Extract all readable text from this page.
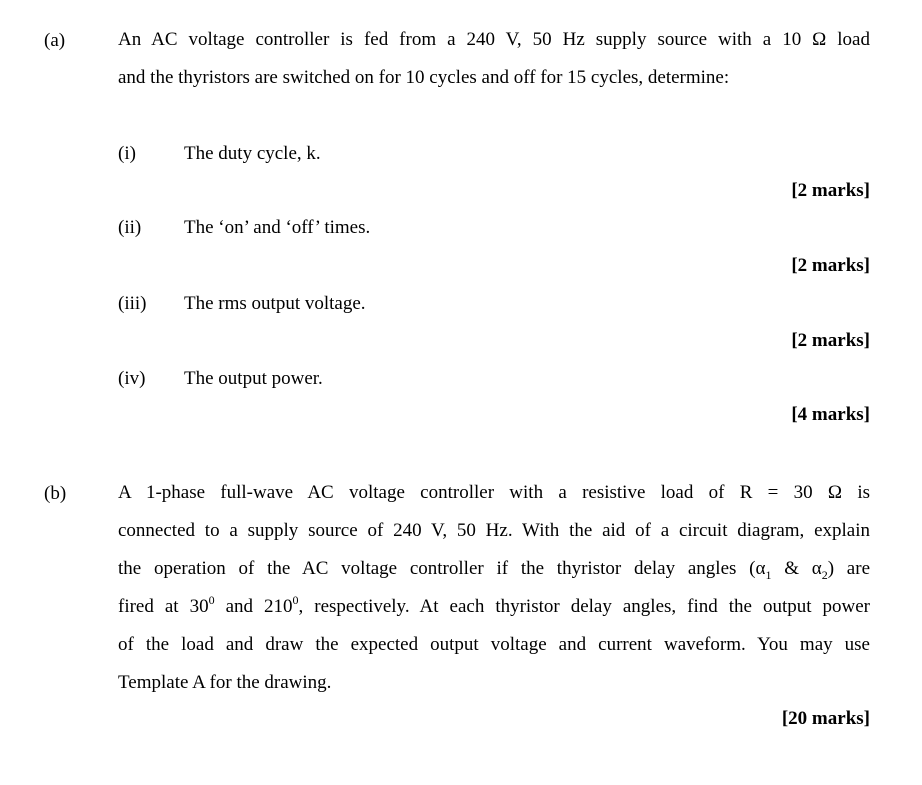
(a)	An AC voltage controller is fed from a 240 V, 50 Hz supply source with a 10 Ω load
and the thyristors are switched on for 10 cycles and off for 15 cycles, determine:
(i)	The duty cycle, k.
[2 marks]
(ii) The ‘on’ and ‘off’ times.
[2 marks]
(iii) The rms output voltage.
[2 marks]
(iv) The output power.
[4 marks]
(b)	A 1-phase full-wave AC voltage controller with a resistive load of R = 30 Ω is
connected to a supply source of 240 V, 50 Hz. With the aid of a circuit diagram, explain
the operation of the AC voltage controller if the thyristor delay angles ($\alpha_1$ & $\alpha_2$) are
fired at $30^0$ and $210^0$, respectively. At each thyristor delay angles, find the output power
of the load and draw the expected output voltage and current waveform. You may use
Template A for the drawing.
[20 marks]
